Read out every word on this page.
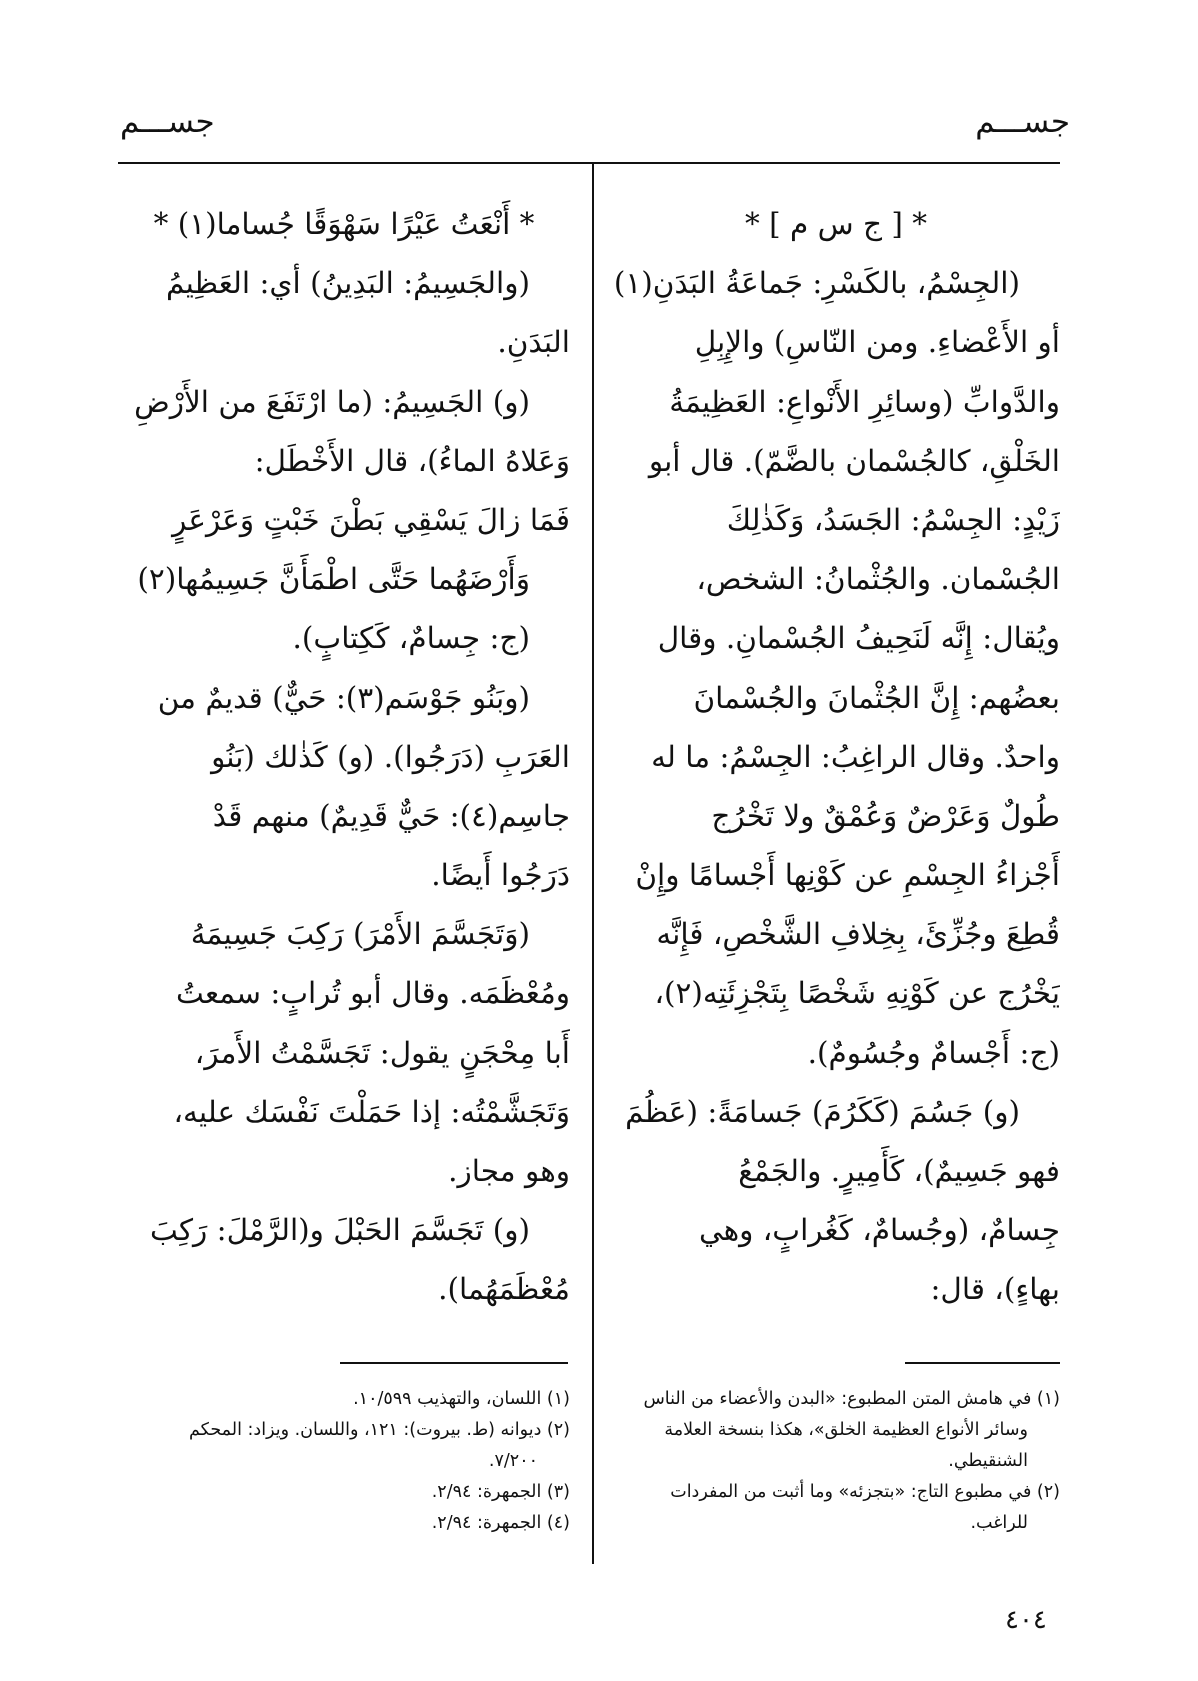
جســـم
جســـم
* [ ج س م ] *
(الجِسْمُ، بالكَسْرِ: جَماعَةُ البَدَنِ(١)
أو الأَعْضاءِ. ومن النّاسِ) والإِبِلِ
والدَّوابِّ (وسائِرِ الأَنْواعِ: العَظِيمَةُ
الخَلْقِ، كالجُسْمان بالضَّمّ). قال أبو
زَيْدٍ: الجِسْمُ: الجَسَدُ، وَكَذٰلِكَ
الجُسْمان. والجُثْمانُ: الشخص،
ويُقال: إِنَّه لَنَحِيفُ الجُسْمانِ. وقال
بعضُهم: إِنَّ الجُثْمانَ والجُسْمانَ
واحدٌ. وقال الراغِبُ: الجِسْمُ: ما له
طُولٌ وَعَرْضٌ وَعُمْقٌ ولا تَخْرُج
أَجْزاءُ الجِسْمِ عن كَوْنِها أَجْسامًا وإِنْ
قُطِعَ وجُزِّئَ، بِخِلافِ الشَّخْصِ، فَإِنَّه
يَخْرُج عن كَوْنِهِ شَخْصًا بِتَجْزِئَتِه(٢)،
(ج: أَجْسامٌ وجُسُومٌ).
(و) جَسُمَ (كَكَرُمَ) جَسامَةً: (عَظُمَ
فهو جَسِيمٌ)، كَأَمِيرٍ. والجَمْعُ
جِسامٌ، (وجُسامٌ، كَغُرابٍ، وهي
بهاءٍ)، قال:
* أَنْعَتُ عَيْرًا سَهْوَقًا جُساما(١) *
(والجَسِيمُ: البَدِينُ) أي: العَظِيمُ
البَدَنِ.
(و) الجَسِيمُ: (ما ارْتَفَعَ من الأَرْضِ
وَعَلاهُ الماءُ)، قال الأَخْطَل:
فَمَا زالَ يَسْقِي بَطْنَ خَبْتٍ وَعَرْعَرٍ
وَأَرْضَهُما حَتَّى اطْمَأَنَّ جَسِيمُها(٢)
(ج: جِسامٌ، كَكِتابٍ).
(وبَنُو جَوْسَم(٣): حَيٌّ) قديمٌ من
العَرَبِ (دَرَجُوا). (و) كَذٰلك (بَنُو
جاسِم(٤): حَيٌّ قَدِيمٌ) منهم قَدْ
دَرَجُوا أَيضًا.
(وَتَجَسَّمَ الأَمْرَ) رَكِبَ جَسِيمَهُ
ومُعْظَمَه. وقال أبو تُرابٍ: سمعتُ
أَبا مِحْجَنٍ يقول: تَجَسَّمْتُ الأَمرَ،
وَتَجَشَّمْتُه: إذا حَمَلْتَ نَفْسَك عليه،
وهو مجاز.
(و) تَجَسَّمَ الحَبْلَ و(الرَّمْلَ: رَكِبَ
مُعْظَمَهُما).
(١) في هامش المتن المطبوع: «البدن والأعضاء من الناس
وسائر الأنواع العظيمة الخلق»، هكذا بنسخة العلامة
الشنقيطي.
(٢) في مطبوع التاج: «بتجزئه» وما أثبت من المفردات
للراغب.
(١) اللسان، والتهذيب ١٠/٥٩٩.
(٢) ديوانه (ط. بيروت): ١٢١، واللسان. ويزاد: المحكم
٧/٢٠٠.
(٣) الجمهرة: ٢/٩٤.
(٤) الجمهرة: ٢/٩٤.
٤٠٤
